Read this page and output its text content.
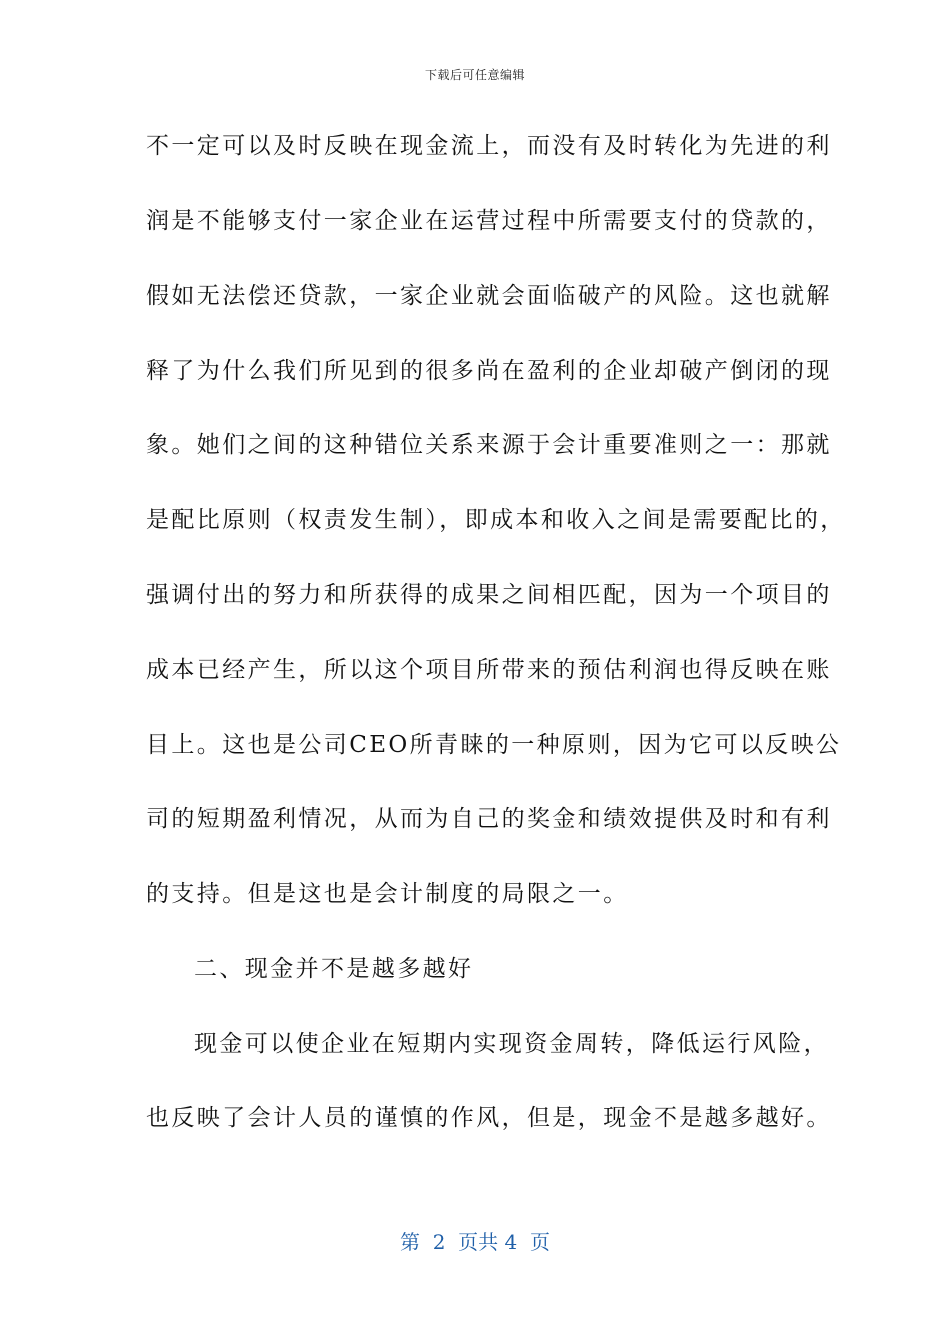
下载后可任意编辑
不一定可以及时反映在现金流上，而没有及时转化为先进的利
润是不能够支付一家企业在运营过程中所需要支付的贷款的，
假如无法偿还贷款，一家企业就会面临破产的风险。这也就解
释了为什么我们所见到的很多尚在盈利的企业却破产倒闭的现
象。她们之间的这种错位关系来源于会计重要准则之一：那就
是配比原则（权责发生制），即成本和收入之间是需要配比的，
强调付出的努力和所获得的成果之间相匹配，因为一个项目的
成本已经产生，所以这个项目所带来的预估利润也得反映在账
目上。这也是公司CEO所青睐的一种原则，因为它可以反映公
司的短期盈利情况，从而为自己的奖金和绩效提供及时和有利
的支持。但是这也是会计制度的局限之一。
二、现金并不是越多越好
现金可以使企业在短期内实现资金周转，降低运行风险，
也反映了会计人员的谨慎的作风，但是，现金不是越多越好。
第  2  页共 4  页
